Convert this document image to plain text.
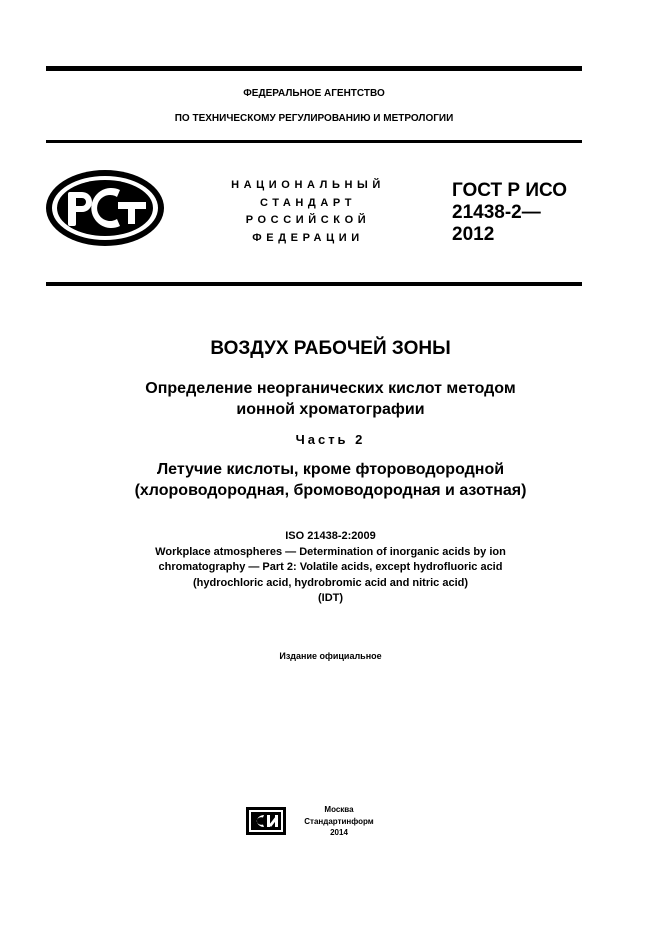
ФЕДЕРАЛЬНОЕ АГЕНТСТВО
ПО ТЕХНИЧЕСКОМУ РЕГУЛИРОВАНИЮ И МЕТРОЛОГИИ
НАЦИОНАЛЬНЫЙ
СТАНДАРТ
РОССИЙСКОЙ
ФЕДЕРАЦИИ
ГОСТ Р ИСО
21438-2—
2012
ВОЗДУХ РАБОЧЕЙ ЗОНЫ
Определение неорганических кислот методом
ионной хроматографии
Часть 2
Летучие кислоты, кроме фтороводородной
(хлороводородная, бромоводородная и азотная)
ISO 21438-2:2009
Workplace atmospheres — Determination of inorganic acids by ion
chromatography — Part 2: Volatile acids, except hydrofluoric acid
(hydrochloric acid, hydrobromic acid and nitric acid)
(IDT)
Издание официальное
Москва
Стандартинформ
2014
